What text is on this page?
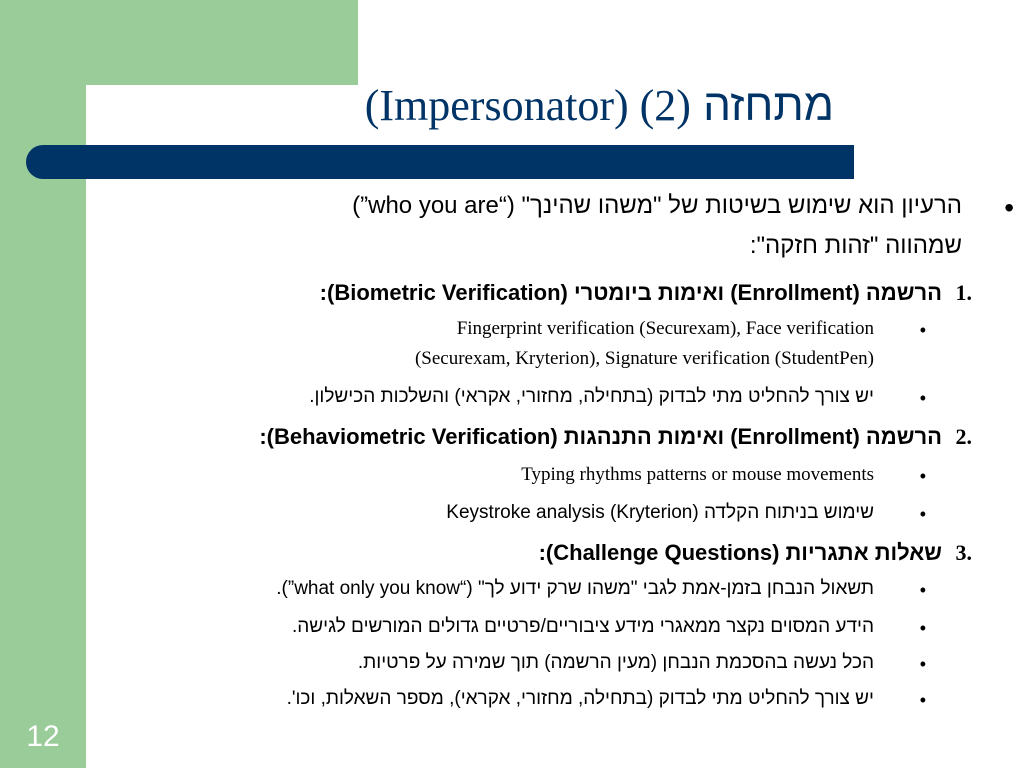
מתחזה (Impersonator) (2)
12
•
הרעיון הוא שימוש בשיטות של "משהו שהינך" (“who you are”)
שמהווה "זהות חזקה":
1.
הרשמה (Enrollment) ואימות ביומטרי (Biometric Verification):
•
Fingerprint verification (Securexam), Face verification
(Securexam, Kryterion), Signature verification (StudentPen)
•
יש צורך להחליט מתי לבדוק (בתחילה, מחזורי, אקראי) והשלכות הכישלון.
2.
הרשמה (Enrollment) ואימות התנהגות (Behaviometric Verification):
•
Typing rhythms patterns or mouse movements
•
שימוש בניתוח הקלדה Keystroke analysis (Kryterion)
3.
שאלות אתגריות (Challenge Questions):
•
תשאול הנבחן בזמן-אמת לגבי "משהו שרק ידוע לך" (“what only you know”).
•
הידע המסוים נקצר ממאגרי מידע ציבוריים/פרטיים גדולים המורשים לגישה.
•
הכל נעשה בהסכמת הנבחן (מעין הרשמה) תוך שמירה על פרטיות.
•
יש צורך להחליט מתי לבדוק (בתחילה, מחזורי, אקראי), מספר השאלות, וכו'.
